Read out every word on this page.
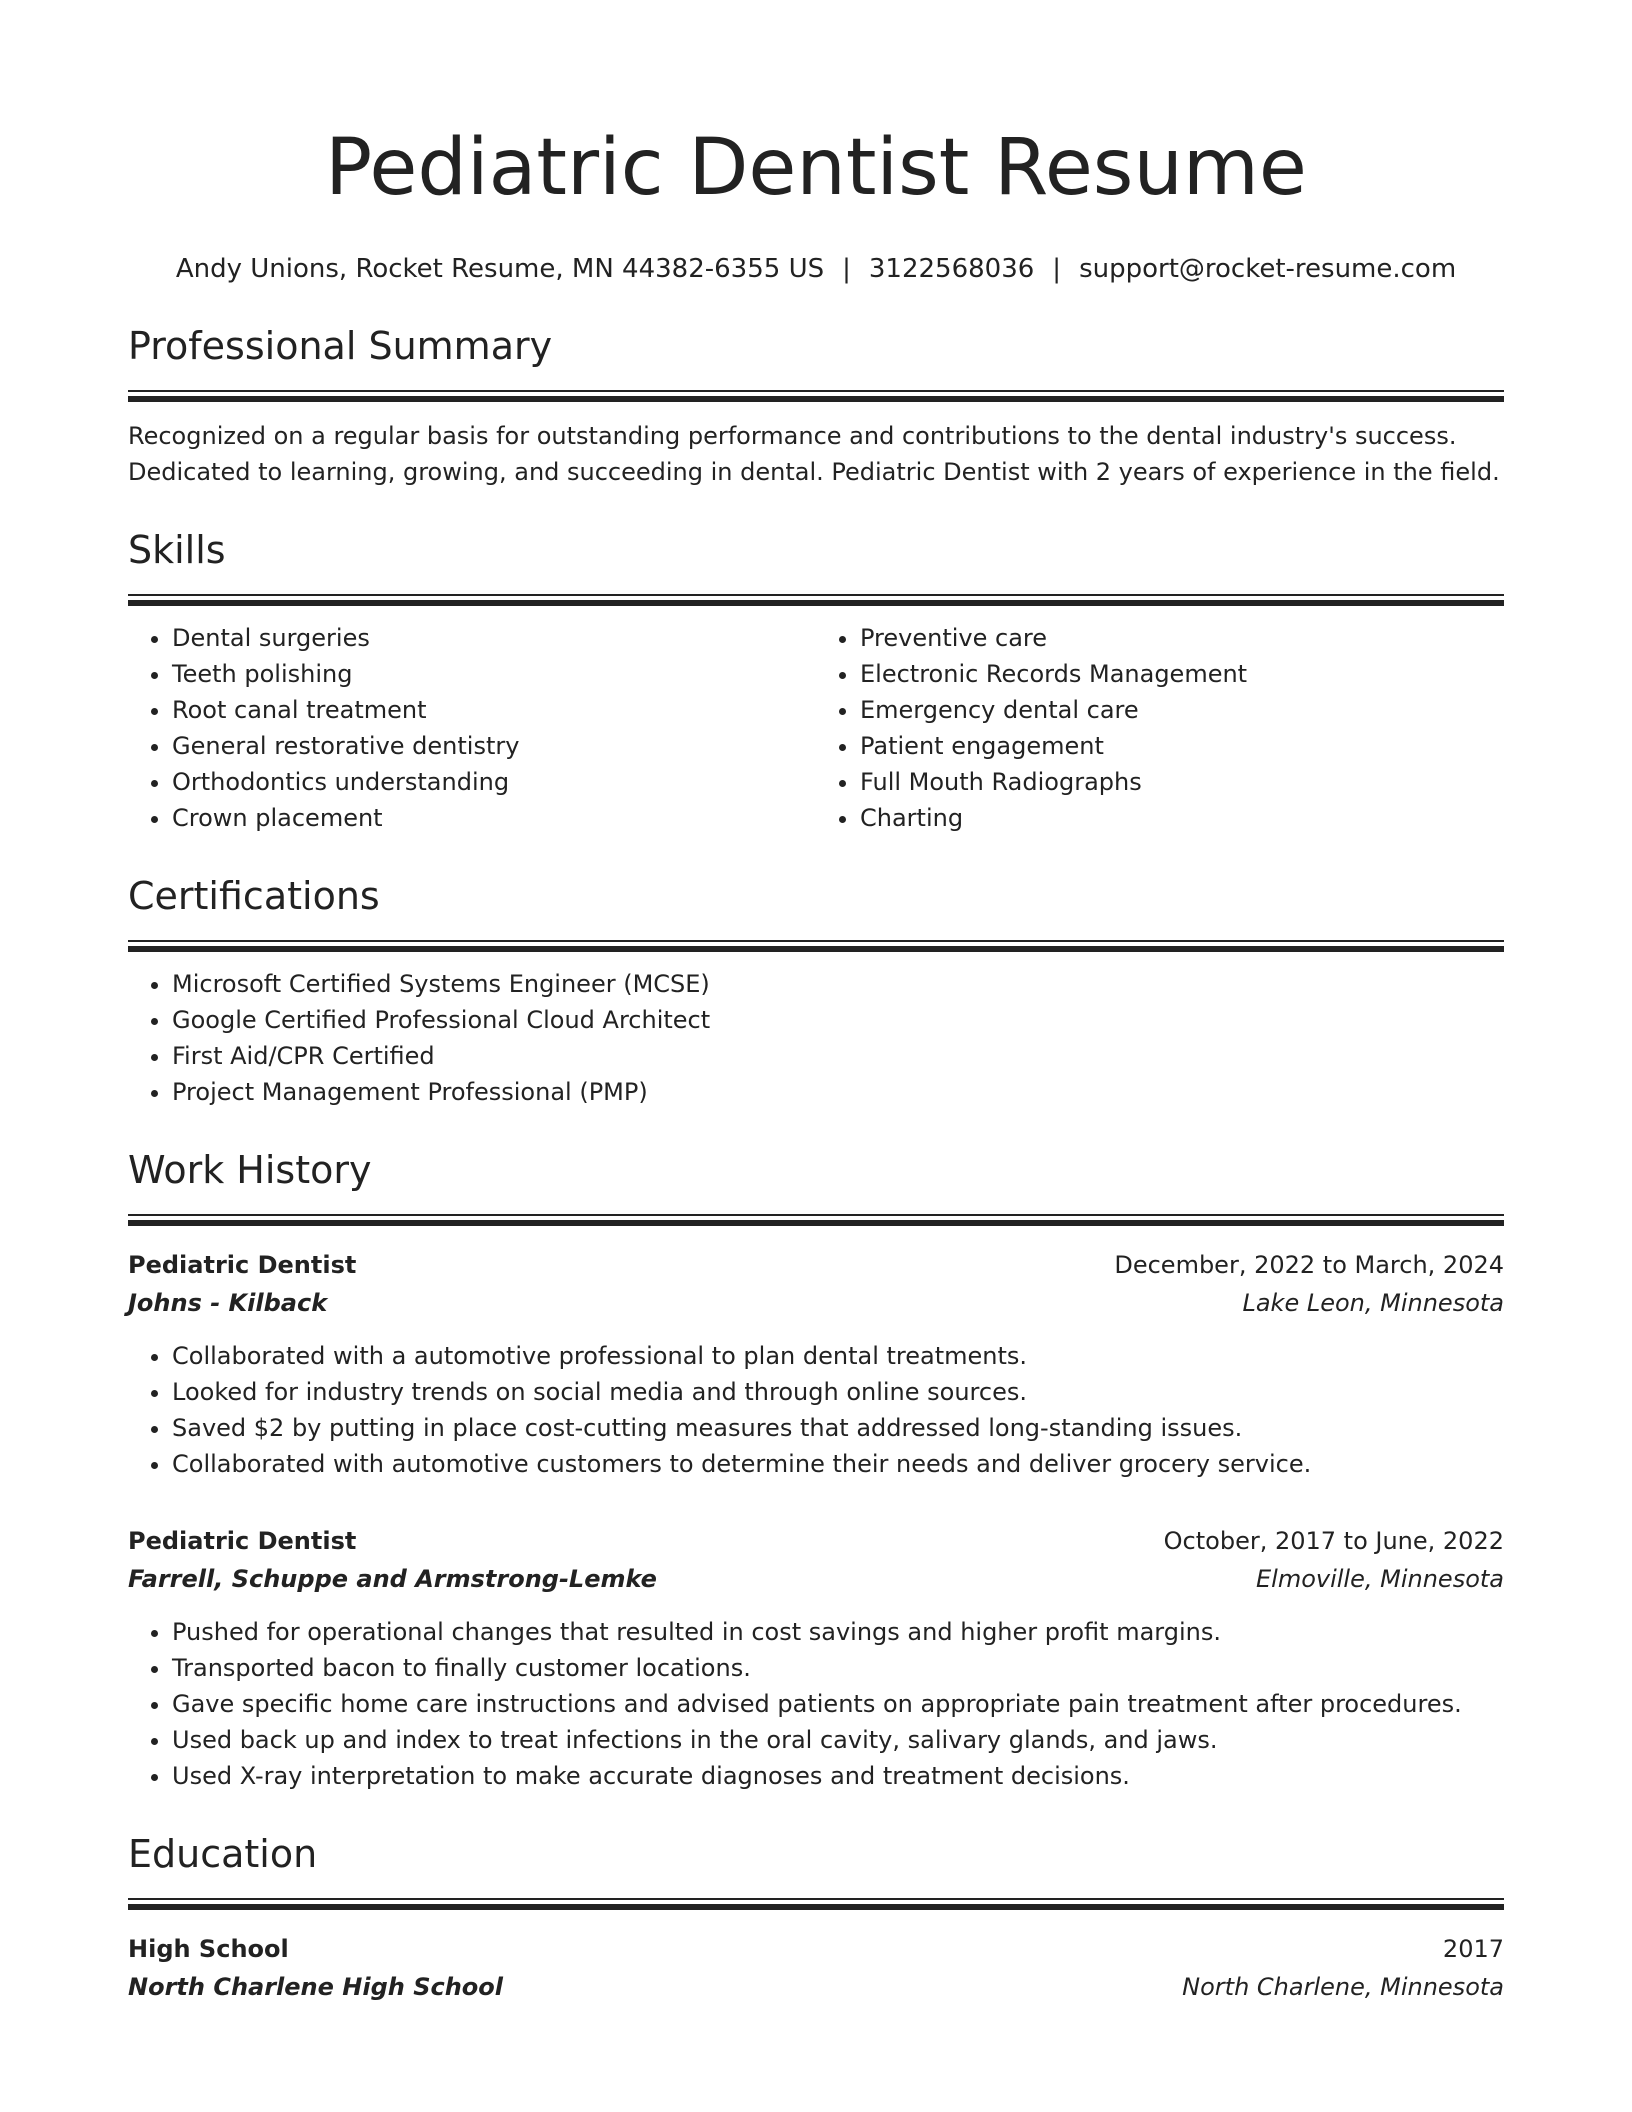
Pediatric Dentist Resume
Andy Unions, Rocket Resume, MN 44382-6355 US | 3122568036 | support@rocket-resume.com
Professional Summary
Recognized on a regular basis for outstanding performance and contributions to the dental industry's success. Dedicated to learning, growing, and succeeding in dental. Pediatric Dentist with 2 years of experience in the field.
Skills
• Dental surgeries
• Teeth polishing
• Root canal treatment
• General restorative dentistry
• Orthodontics understanding
• Crown placement
• Preventive care
• Electronic Records Management
• Emergency dental care
• Patient engagement
• Full Mouth Radiographs
• Charting
Certifications
• Microsoft Certified Systems Engineer (MCSE)
• Google Certified Professional Cloud Architect
• First Aid/CPR Certified
• Project Management Professional (PMP)
Work History
Pediatric Dentist	December, 2022 to March, 2024
Johns - Kilback	Lake Leon, Minnesota
• Collaborated with a automotive professional to plan dental treatments.
• Looked for industry trends on social media and through online sources.
• Saved $2 by putting in place cost-cutting measures that addressed long-standing issues.
• Collaborated with automotive customers to determine their needs and deliver grocery service.
Pediatric Dentist	October, 2017 to June, 2022
Farrell, Schuppe and Armstrong-Lemke	Elmoville, Minnesota
• Pushed for operational changes that resulted in cost savings and higher profit margins.
• Transported bacon to finally customer locations.
• Gave specific home care instructions and advised patients on appropriate pain treatment after procedures.
• Used back up and index to treat infections in the oral cavity, salivary glands, and jaws.
• Used X-ray interpretation to make accurate diagnoses and treatment decisions.
Education
High School	2017
North Charlene High School	North Charlene, Minnesota
